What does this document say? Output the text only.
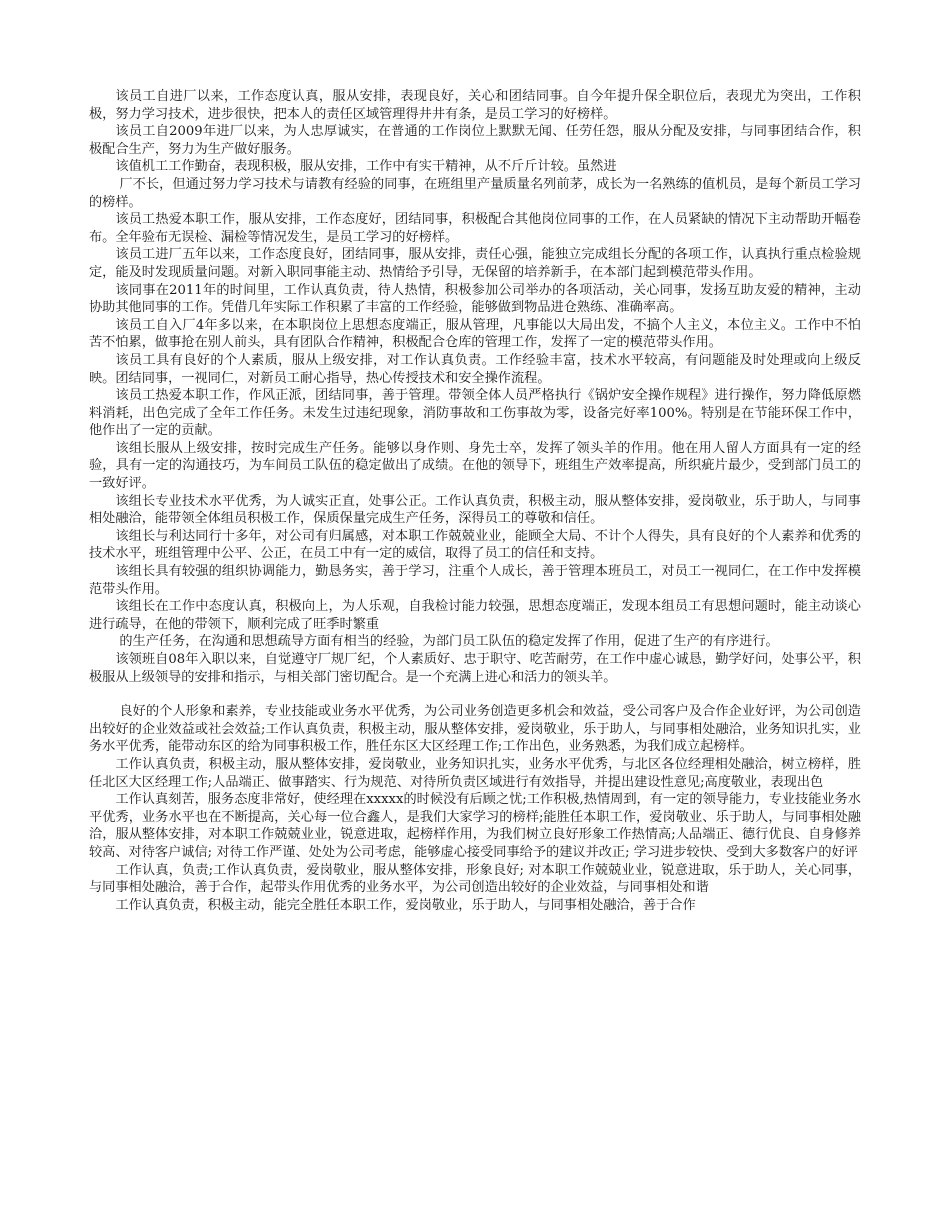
该员工自进厂以来，工作态度认真，服从安排，表现良好，关心和团结同事。自今年提升保全职位后，表现尤为突出，工作积极，努力学习技术，进步很快，把本人的责任区域管理得井井有条，是员工学习的好榜样。

该员工自2009年进厂以来，为人忠厚诚实，在普通的工作岗位上默默无闻、任劳任怨，服从分配及安排，与同事团结合作，积极配合生产，努力为生产做好服务。

该值机工工作勤奋，表现积极，服从安排，工作中有实干精神，从不斤斤计较。虽然进

厂不长，但通过努力学习技术与请教有经验的同事，在班组里产量质量名列前茅，成长为一名熟练的值机员，是每个新员工学习的榜样。

该员工热爱本职工作，服从安排，工作态度好，团结同事，积极配合其他岗位同事的工作，在人员紧缺的情况下主动帮助开幅卷布。全年验布无误检、漏检等情况发生，是员工学习的好榜样。

该员工进厂五年以来，工作态度良好，团结同事，服从安排，责任心强，能独立完成组长分配的各项工作，认真执行重点检验规定，能及时发现质量问题。对新入职同事能主动、热情给予引导，无保留的培养新手，在本部门起到模范带头作用。

该同事在2011年的时间里，工作认真负责，待人热情，积极参加公司举办的各项活动，关心同事，发扬互助友爱的精神，主动协助其他同事的工作。凭借几年实际工作积累了丰富的工作经验，能够做到物品进仓熟练、准确率高。

该员工自入厂4年多以来，在本职岗位上思想态度端正，服从管理，凡事能以大局出发，不搞个人主义，本位主义。工作中不怕苦不怕累，做事抢在别人前头，具有团队合作精神，积极配合仓库的管理工作，发挥了一定的模范带头作用。

该员工具有良好的个人素质，服从上级安排，对工作认真负责。工作经验丰富，技术水平较高，有问题能及时处理或向上级反映。团结同事，一视同仁，对新员工耐心指导，热心传授技术和安全操作流程。

该员工热爱本职工作，作风正派，团结同事，善于管理。带领全体人员严格执行《锅炉安全操作规程》进行操作，努力降低原燃料消耗，出色完成了全年工作任务。未发生过违纪现象，消防事故和工伤事故为零，设备完好率100%。特别是在节能环保工作中，他作出了一定的贡献。

该组长服从上级安排，按时完成生产任务。能够以身作则、身先士卒，发挥了领头羊的作用。他在用人留人方面具有一定的经验，具有一定的沟通技巧，为车间员工队伍的稳定做出了成绩。在他的领导下，班组生产效率提高，所织疵片最少，受到部门员工的一致好评。

该组长专业技术水平优秀，为人诚实正直，处事公正。工作认真负责，积极主动，服从整体安排，爱岗敬业，乐于助人，与同事相处融洽，能带领全体组员积极工作，保质保量完成生产任务，深得员工的尊敬和信任。

该组长与利达同行十多年，对公司有归属感，对本职工作兢兢业业，能顾全大局、不计个人得失，具有良好的个人素养和优秀的技术水平，班组管理中公平、公正，在员工中有一定的威信，取得了员工的信任和支持。

该组长具有较强的组织协调能力，勤恳务实，善于学习，注重个人成长，善于管理本班员工，对员工一视同仁，在工作中发挥模范带头作用。

该组长在工作中态度认真，积极向上，为人乐观，自我检讨能力较强，思想态度端正，发现本组员工有思想问题时，能主动谈心进行疏导，在他的带领下，顺利完成了旺季时繁重

的生产任务，在沟通和思想疏导方面有相当的经验，为部门员工队伍的稳定发挥了作用，促进了生产的有序进行。

该领班自08年入职以来，自觉遵守厂规厂纪，个人素质好、忠于职守、吃苦耐劳，在工作中虚心诚恳，勤学好问，处事公平，积极服从上级领导的安排和指示，与相关部门密切配合。是一个充满上进心和活力的领头羊。

良好的个人形象和素养，专业技能或业务水平优秀，为公司业务创造更多机会和效益，受公司客户及合作企业好评，为公司创造出较好的企业效益或社会效益;工作认真负责，积极主动，服从整体安排，爱岗敬业，乐于助人，与同事相处融洽，业务知识扎实，业务水平优秀，能带动东区的给为同事积极工作，胜任东区大区经理工作;工作出色，业务熟悉，为我们成立起榜样。

工作认真负责，积极主动，服从整体安排，爱岗敬业，业务知识扎实，业务水平优秀，与北区各位经理相处融洽，树立榜样，胜任北区大区经理工作;人品端正、做事踏实、行为规范、对待所负责区域进行有效指导，并提出建设性意见;高度敬业，表现出色

工作认真刻苦，服务态度非常好，使经理在xxxxx的时候没有后顾之忧;工作积极,热情周到，有一定的领导能力，专业技能业务水平优秀，业务水平也在不断提高，关心每一位合鑫人，是我们大家学习的榜样;能胜任本职工作，爱岗敬业、乐于助人，与同事相处融洽，服从整体安排，对本职工作兢兢业业，锐意进取，起榜样作用，为我们树立良好形象工作热情高;人品端正、德行优良、自身修养较高、对待客户诚信; 对待工作严谨、处处为公司考虑，能够虚心接受同事给予的建议并改正; 学习进步较快、受到大多数客户的好评

工作认真，负责;工作认真负责，爱岗敬业，服从整体安排，形象良好; 对本职工作兢兢业业，锐意进取，乐于助人，关心同事，与同事相处融洽，善于合作，起带头作用优秀的业务水平，为公司创造出较好的企业效益，与同事相处和谐

工作认真负责，积极主动，能完全胜任本职工作，爱岗敬业，乐于助人，与同事相处融洽，善于合作
